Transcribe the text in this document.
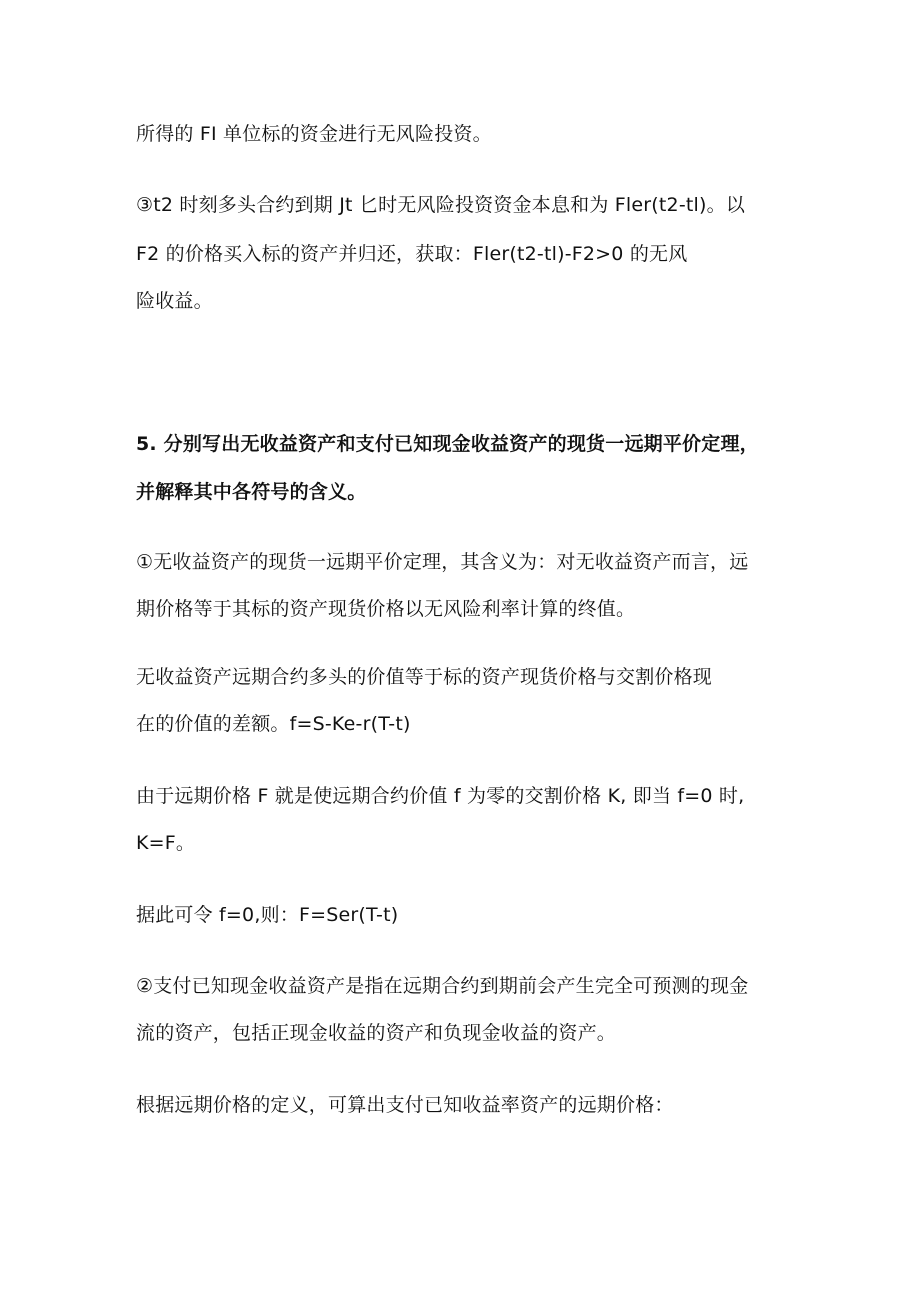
所得的 FI 单位标的资金进行无风险投资。
③t2 时刻多头合约到期 Jt 匕时无风险投资资金本息和为 Fler(t2-tl)。以
F2 的价格买入标的资产并归还，获取：Fler(t2-tl)-F2>0 的无风
险收益。
5. 分别写出无收益资产和支付已知现金收益资产的现货一远期平价定理，
并解释其中各符号的含义。
①无收益资产的现货一远期平价定理，其含义为：对无收益资产而言，远
期价格等于其标的资产现货价格以无风险利率计算的终值。
无收益资产远期合约多头的价值等于标的资产现货价格与交割价格现
在的价值的差额。f=S-Ke-r(T-t)
由于远期价格 F 就是使远期合约价值 f 为零的交割价格 K, 即当 f=0 时,
K=F。
据此可令 f=0,则：F=Ser(T-t)
②支付已知现金收益资产是指在远期合约到期前会产生完全可预测的现金
流的资产，包括正现金收益的资产和负现金收益的资产。
根据远期价格的定义，可算出支付已知收益率资产的远期价格：
